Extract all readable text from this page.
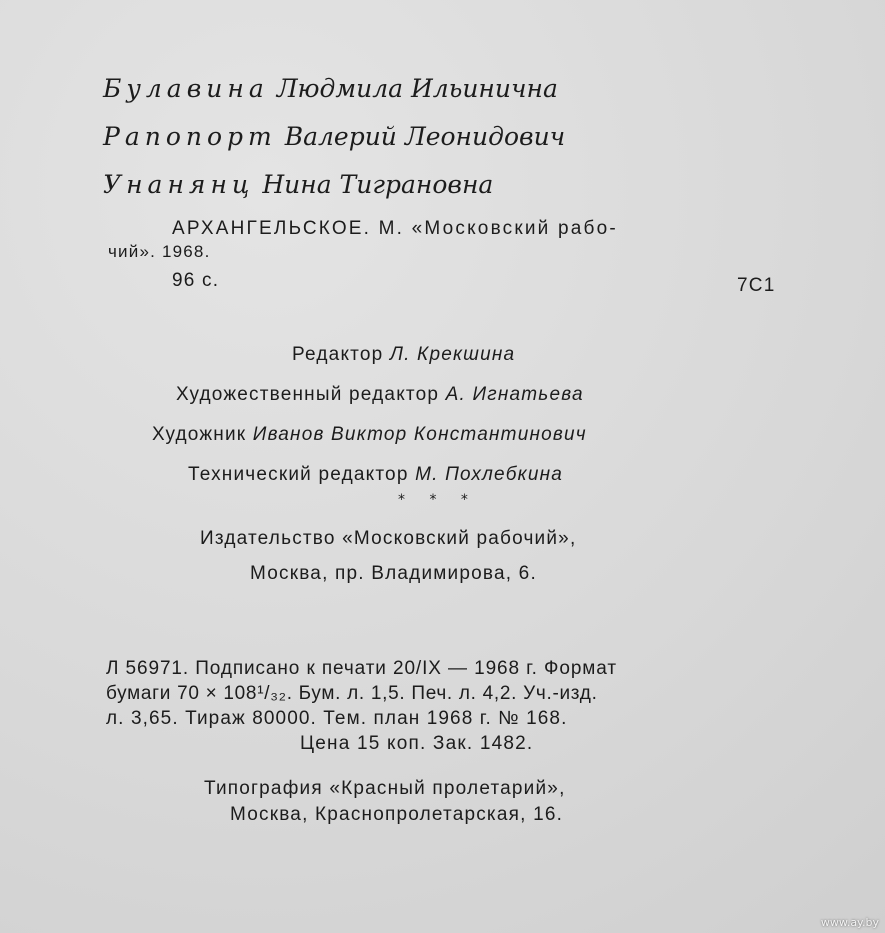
Булавина Людмила Ильинична
Рапопорт Валерий Леонидович
Унанянц Нина Тиграновна
АРХАНГЕЛЬСКОЕ. М. «Московский рабо-
чий». 1968.
96 с.	7С1
Редактор Л. Крекшина
Художественный редактор А. Игнатьева
Художник Иванов Виктор Константинович
Технический редактор М. Похлебкина
* * *
Издательство «Московский рабочий»,
Москва, пр. Владимирова, 6.
Л 56971. Подписано к печати 20/IX — 1968 г. Формат
бумаги 70 × 108¹/₃₂. Бум. л. 1,5. Печ. л. 4,2. Уч.-изд.
л. 3,65. Тираж 80000. Тем. план 1968 г. № 168.
Цена 15 коп. Зак. 1482.
Типография «Красный пролетарий»,
Москва, Краснопролетарская, 16.
www.ay.by
